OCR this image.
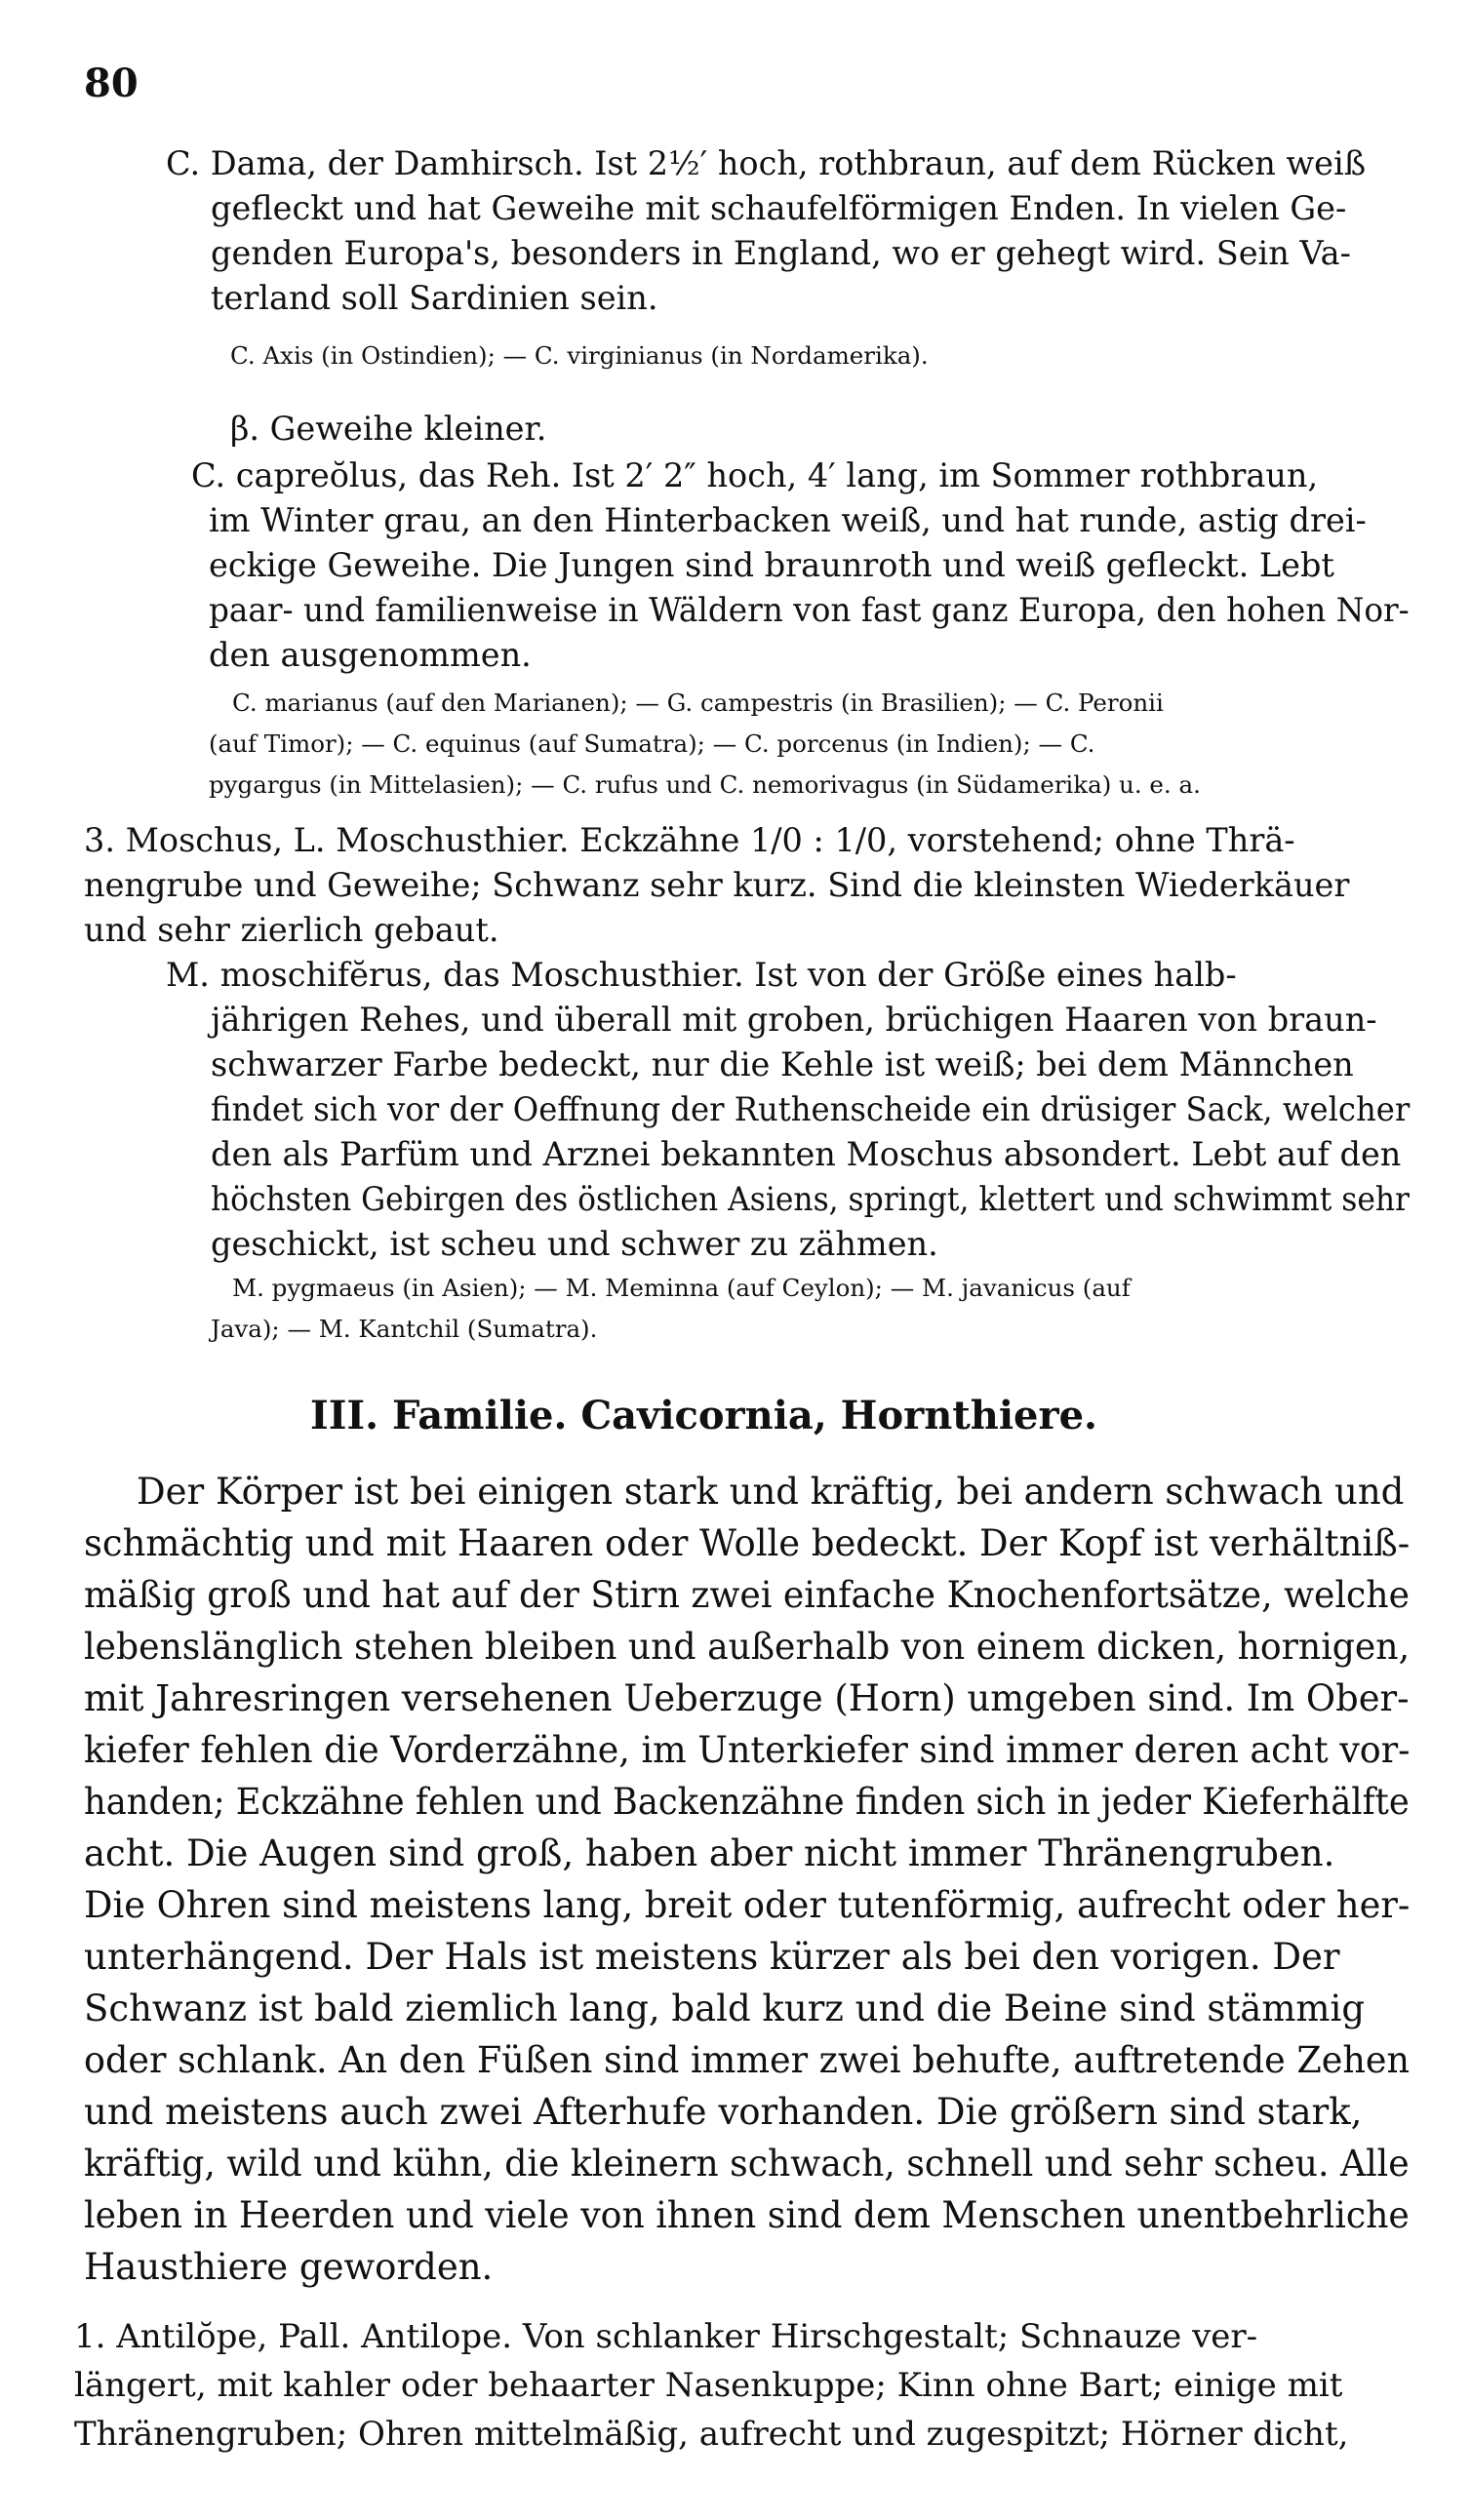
80
C. Dama, der Damhirsch. Ist 2½′ hoch, rothbraun, auf dem Rücken weiß
gefleckt und hat Geweihe mit schaufelförmigen Enden. In vielen Ge-
genden Europa's, besonders in England, wo er gehegt wird. Sein Va-
terland soll Sardinien sein.
C. Axis (in Ostindien); — C. virginianus (in Nordamerika).
β. Geweihe kleiner.
C. capreŏlus, das Reh. Ist 2′ 2″ hoch, 4′ lang, im Sommer rothbraun,
im Winter grau, an den Hinterbacken weiß, und hat runde, astig drei-
eckige Geweihe. Die Jungen sind braunroth und weiß gefleckt. Lebt
paar- und familienweise in Wäldern von fast ganz Europa, den hohen Nor-
den ausgenommen.
C. marianus (auf den Marianen); — G. campestris (in Brasilien); — C. Peronii
(auf Timor); — C. equinus (auf Sumatra); — C. porcenus (in Indien); — C.
pygargus (in Mittelasien); — C. rufus und C. nemorivagus (in Südamerika) u. e. a.
3. Moschus, L. Moschusthier. Eckzähne 1/0 : 1/0, vorstehend; ohne Thrä-
nengrube und Geweihe; Schwanz sehr kurz. Sind die kleinsten Wiederkäuer
und sehr zierlich gebaut.
M. moschifĕrus, das Moschusthier. Ist von der Größe eines halb-
jährigen Rehes, und überall mit groben, brüchigen Haaren von braun-
schwarzer Farbe bedeckt, nur die Kehle ist weiß; bei dem Männchen
findet sich vor der Oeffnung der Ruthenscheide ein drüsiger Sack, welcher
den als Parfüm und Arznei bekannten Moschus absondert. Lebt auf den
höchsten Gebirgen des östlichen Asiens, springt, klettert und schwimmt sehr
geschickt, ist scheu und schwer zu zähmen.
M. pygmaeus (in Asien); — M. Meminna (auf Ceylon); — M. javanicus (auf
Java); — M. Kantchil (Sumatra).
III. Familie. Cavicornia, Hornthiere.
Der Körper ist bei einigen stark und kräftig, bei andern schwach und
schmächtig und mit Haaren oder Wolle bedeckt. Der Kopf ist verhältniß-
mäßig groß und hat auf der Stirn zwei einfache Knochenfortsätze, welche
lebenslänglich stehen bleiben und außerhalb von einem dicken, hornigen,
mit Jahresringen versehenen Ueberzuge (Horn) umgeben sind. Im Ober-
kiefer fehlen die Vorderzähne, im Unterkiefer sind immer deren acht vor-
handen; Eckzähne fehlen und Backenzähne finden sich in jeder Kieferhälfte
acht. Die Augen sind groß, haben aber nicht immer Thränengruben.
Die Ohren sind meistens lang, breit oder tutenförmig, aufrecht oder her-
unterhängend. Der Hals ist meistens kürzer als bei den vorigen. Der
Schwanz ist bald ziemlich lang, bald kurz und die Beine sind stämmig
oder schlank. An den Füßen sind immer zwei behufte, auftretende Zehen
und meistens auch zwei Afterhufe vorhanden. Die größern sind stark,
kräftig, wild und kühn, die kleinern schwach, schnell und sehr scheu. Alle
leben in Heerden und viele von ihnen sind dem Menschen unentbehrliche
Hausthiere geworden.
1. Antilŏpe, Pall. Antilope. Von schlanker Hirschgestalt; Schnauze ver-
längert, mit kahler oder behaarter Nasenkuppe; Kinn ohne Bart; einige mit
Thränengruben; Ohren mittelmäßig, aufrecht und zugespitzt; Hörner dicht,
